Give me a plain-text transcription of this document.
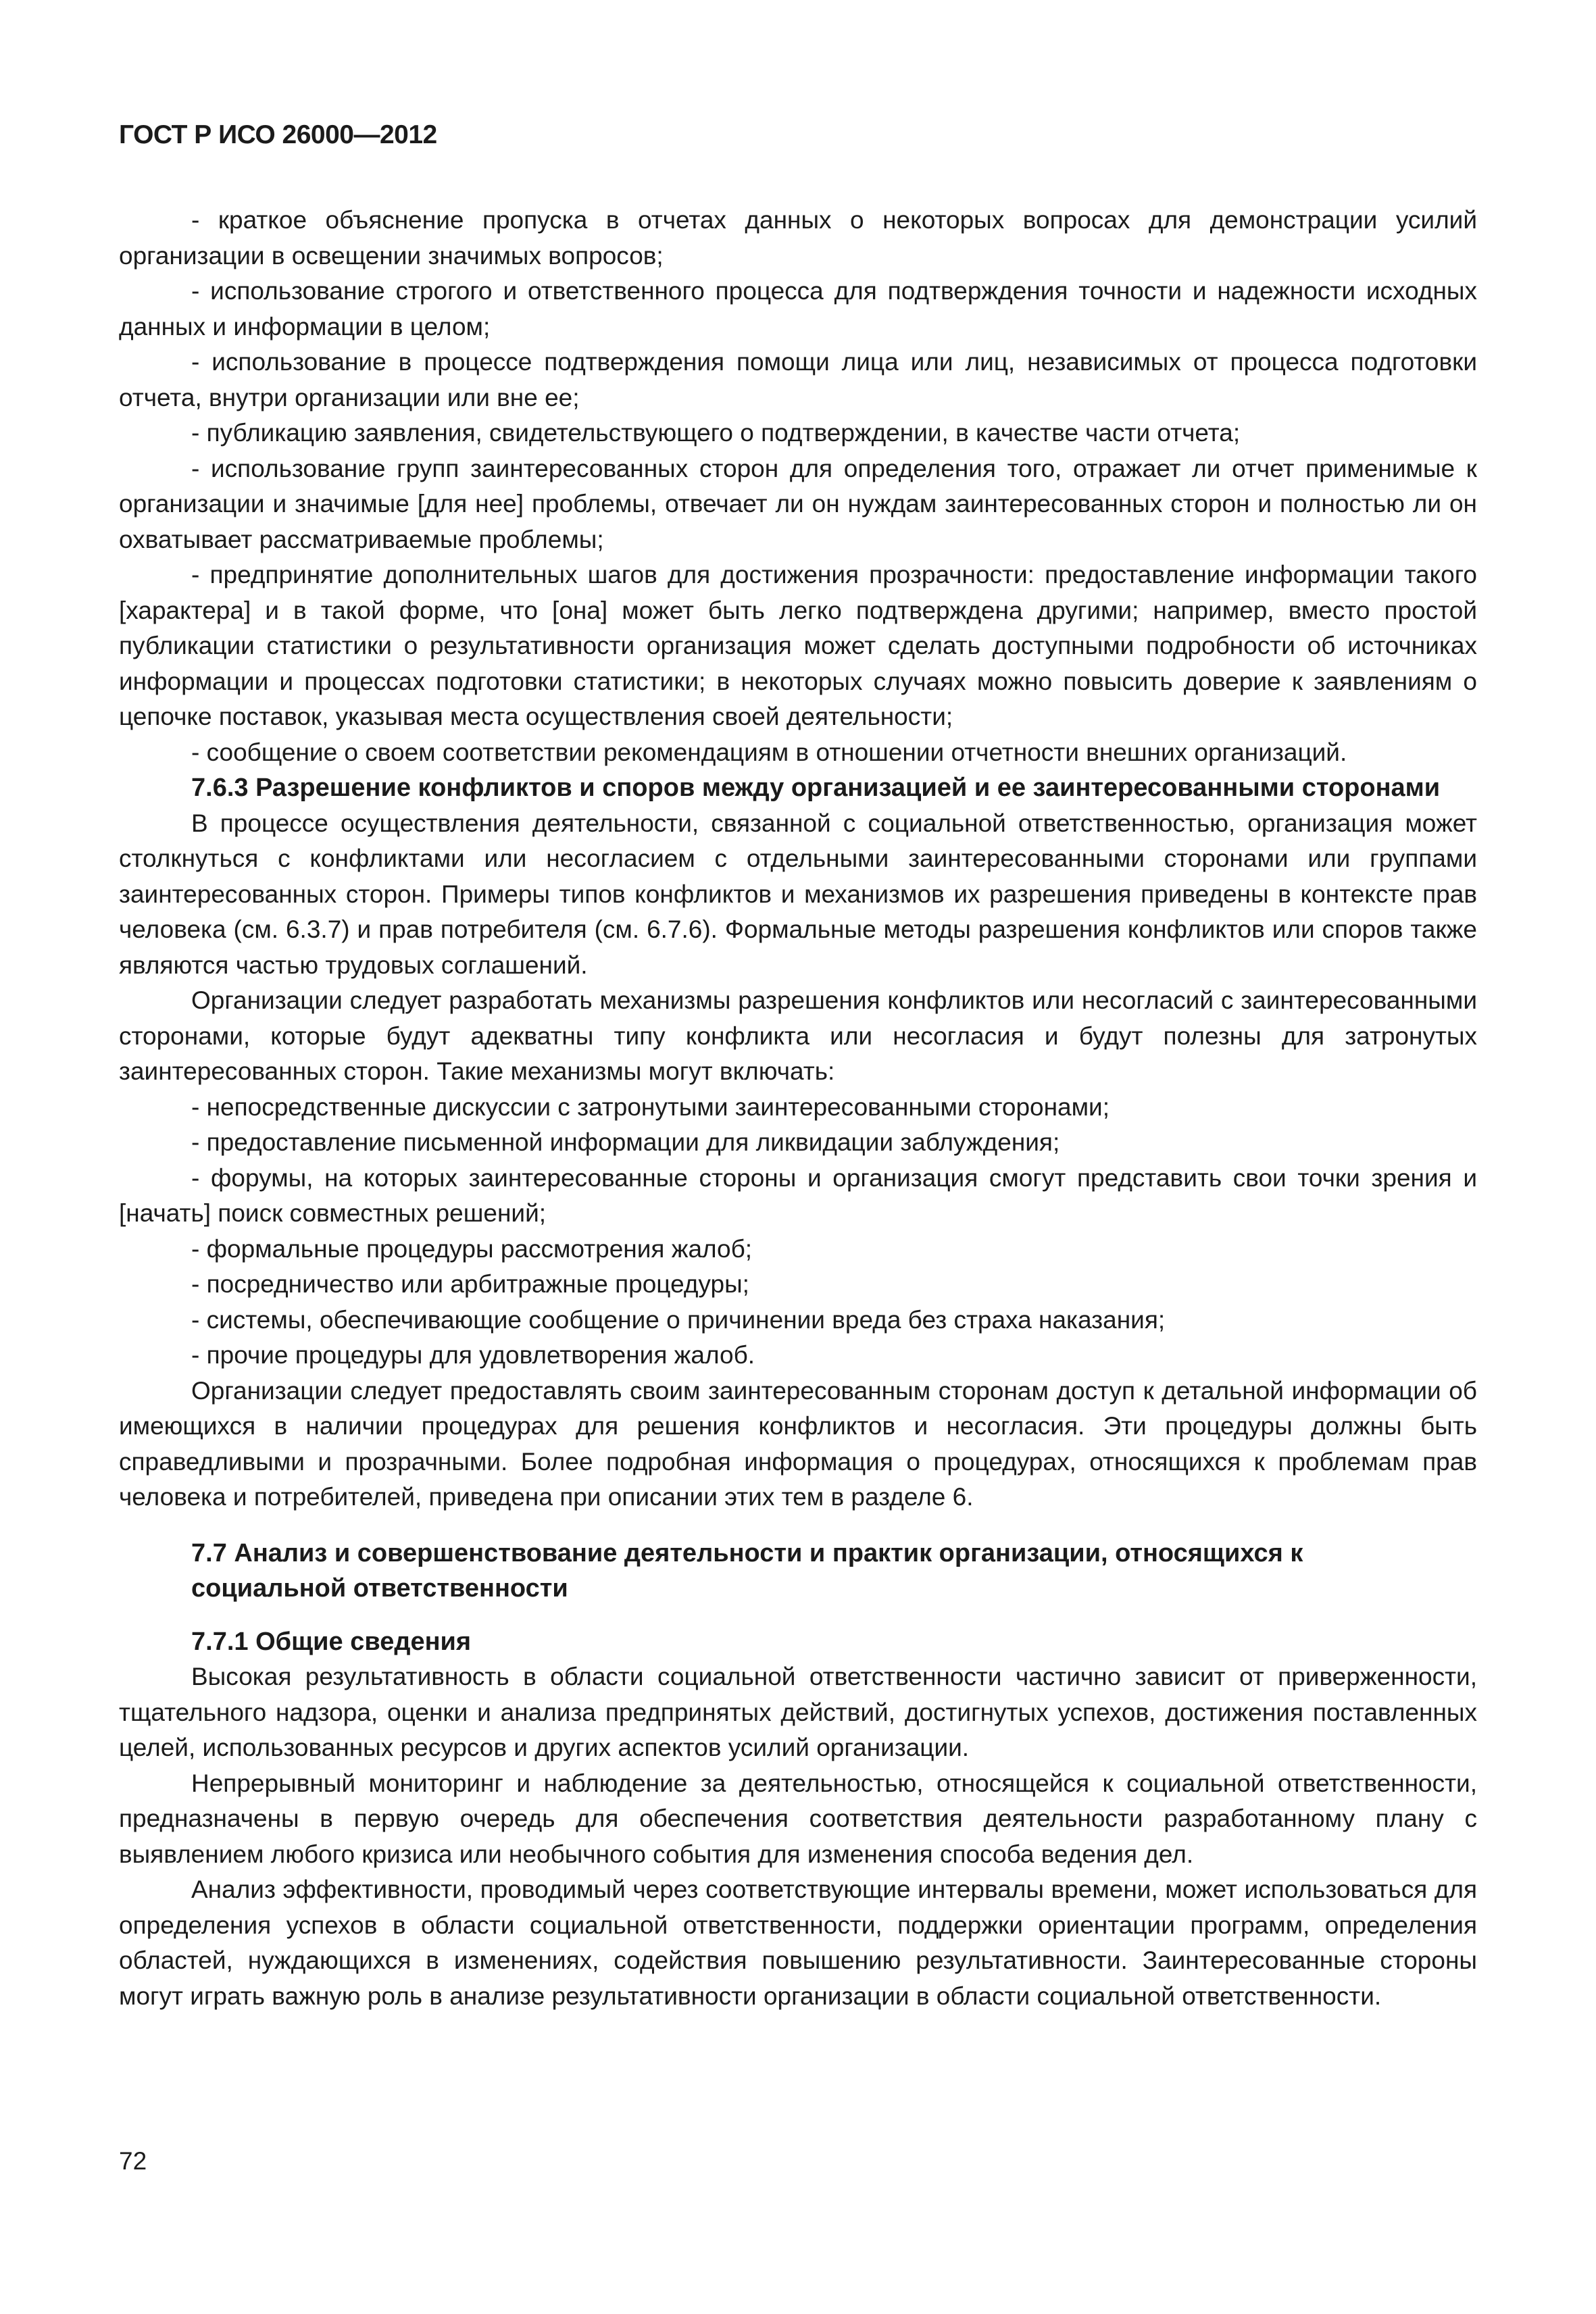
ГОСТ Р ИСО 26000—2012

- краткое объяснение пропуска в отчетах данных о некоторых вопросах для демонстрации усилий организации в освещении значимых вопросов;

- использование строгого и ответственного процесса для подтверждения точности и надежности исходных данных и информации в целом;

- использование в процессе подтверждения помощи лица или лиц, независимых от процесса подготовки отчета, внутри организации или вне ее;

- публикацию заявления, свидетельствующего о подтверждении, в качестве части отчета;

- использование групп заинтересованных сторон для определения того, отражает ли отчет применимые к организации и значимые [для нее] проблемы, отвечает ли он нуждам заинтересованных сторон и полностью ли он охватывает рассматриваемые проблемы;

- предпринятие дополнительных шагов для достижения прозрачности: предоставление информации такого [характера] и в такой форме, что [она] может быть легко подтверждена другими; например, вместо простой публикации статистики о результативности организация может сделать доступными подробности об источниках информации и процессах подготовки статистики; в некоторых случаях можно повысить доверие к заявлениям о цепочке поставок, указывая места осуществления своей деятельности;

- сообщение о своем соответствии рекомендациям в отношении отчетности внешних организаций.

7.6.3 Разрешение конфликтов и споров между организацией и ее заинтересованными сторонами

В процессе осуществления деятельности, связанной с социальной ответственностью, организация может столкнуться с конфликтами или несогласием с отдельными заинтересованными сторонами или группами заинтересованных сторон. Примеры типов конфликтов и механизмов их разрешения приведены в контексте прав человека (см. 6.3.7) и прав потребителя (см. 6.7.6). Формальные методы разрешения конфликтов или споров также являются частью трудовых соглашений.

Организации следует разработать механизмы разрешения конфликтов или несогласий с заинтересованными сторонами, которые будут адекватны типу конфликта или несогласия и будут полезны для затронутых заинтересованных сторон. Такие механизмы могут включать:

- непосредственные дискуссии с затронутыми заинтересованными сторонами;

- предоставление письменной информации для ликвидации заблуждения;

- форумы, на которых заинтересованные стороны и организация смогут представить свои точки зрения и [начать] поиск совместных решений;

- формальные процедуры рассмотрения жалоб;

- посредничество или арбитражные процедуры;

- системы, обеспечивающие сообщение о причинении вреда без страха наказания;

- прочие процедуры для удовлетворения жалоб.

Организации следует предоставлять своим заинтересованным сторонам доступ к детальной информации об имеющихся в наличии процедурах для решения конфликтов и несогласия. Эти процедуры должны быть справедливыми и прозрачными. Более подробная информация о процедурах, относящихся к проблемам прав человека и потребителей, приведена при описании этих тем в разделе 6.

7.7 Анализ и совершенствование деятельности и практик организации, относящихся к социальной ответственности
7.7.1 Общие сведения

Высокая результативность в области социальной ответственности частично зависит от приверженности, тщательного надзора, оценки и анализа предпринятых действий, достигнутых успехов, достижения поставленных целей, использованных ресурсов и других аспектов усилий организации.

Непрерывный мониторинг и наблюдение за деятельностью, относящейся к социальной ответственности, предназначены в первую очередь для обеспечения соответствия деятельности разработанному плану с выявлением любого кризиса или необычного события для изменения способа ведения дел.

Анализ эффективности, проводимый через соответствующие интервалы времени, может использоваться для определения успехов в области социальной ответственности, поддержки ориентации программ, определения областей, нуждающихся в изменениях, содействия повышению результативности. Заинтересованные стороны могут играть важную роль в анализе результативности организации в области социальной ответственности.

72
